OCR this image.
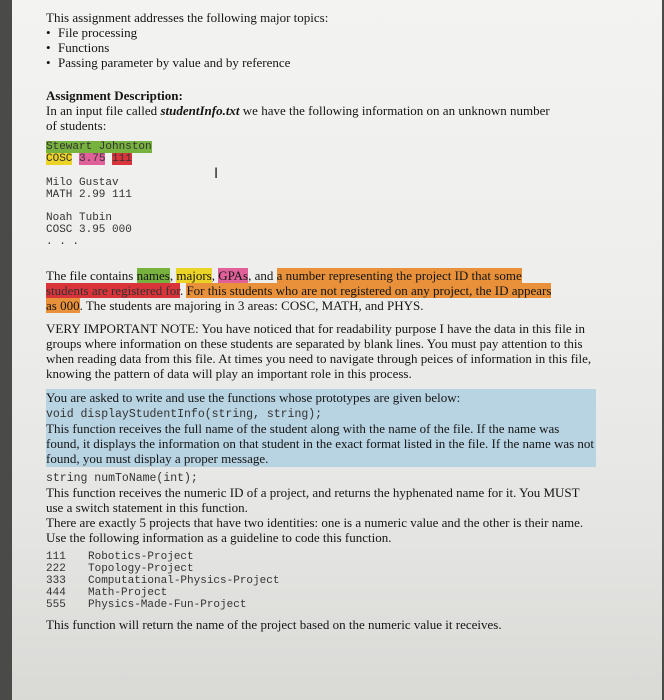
This assignment addresses the following major topics:

• File processing
• Functions
• Passing parameter by value and by reference

Assignment Description:

In an input file called studentInfo.txt we have the following information on an unknown number
of students:

Stewart Johnston
COSC 3.75 111
Milo Gustav
MATH 2.99 111
Noah Tubin
COSC 3.95 000
. . .

The file contains names, majors, GPAs, and a number representing the project ID that some
students are registered for. For this students who are not registered on any project, the ID appears
as 000. The students are majoring in 3 areas: COSC, MATH, and PHYS.

VERY IMPORTANT NOTE: You have noticed that for readability purpose I have the data in this file in groups where information on these students are separated by blank lines. You must pay attention to this when reading data from this file. At times you need to navigate through peices of information in this file, knowing the pattern of data will play an important role in this process.

You are asked to write and use the functions whose prototypes are given below:

void displayStudentInfo(string, string);

This function receives the full name of the student along with the name of the file. If the name was found, it displays the information on that student in the exact format listed in the file. If the name was not found, you must display a proper message.

string numToName(int);

This function receives the numeric ID of a project, and returns the hyphenated name for it. You MUST use a switch statement in this function.

There are exactly 5 projects that have two identities: one is a numeric value and the other is their name. Use the following information as a guideline to code this function.

111	Robotics-Project
222	Topology-Project
333	Computational-Physics-Project
444	Math-Project
555	Physics-Made-Fun-Project

This function will return the name of the project based on the numeric value it receives.

I
